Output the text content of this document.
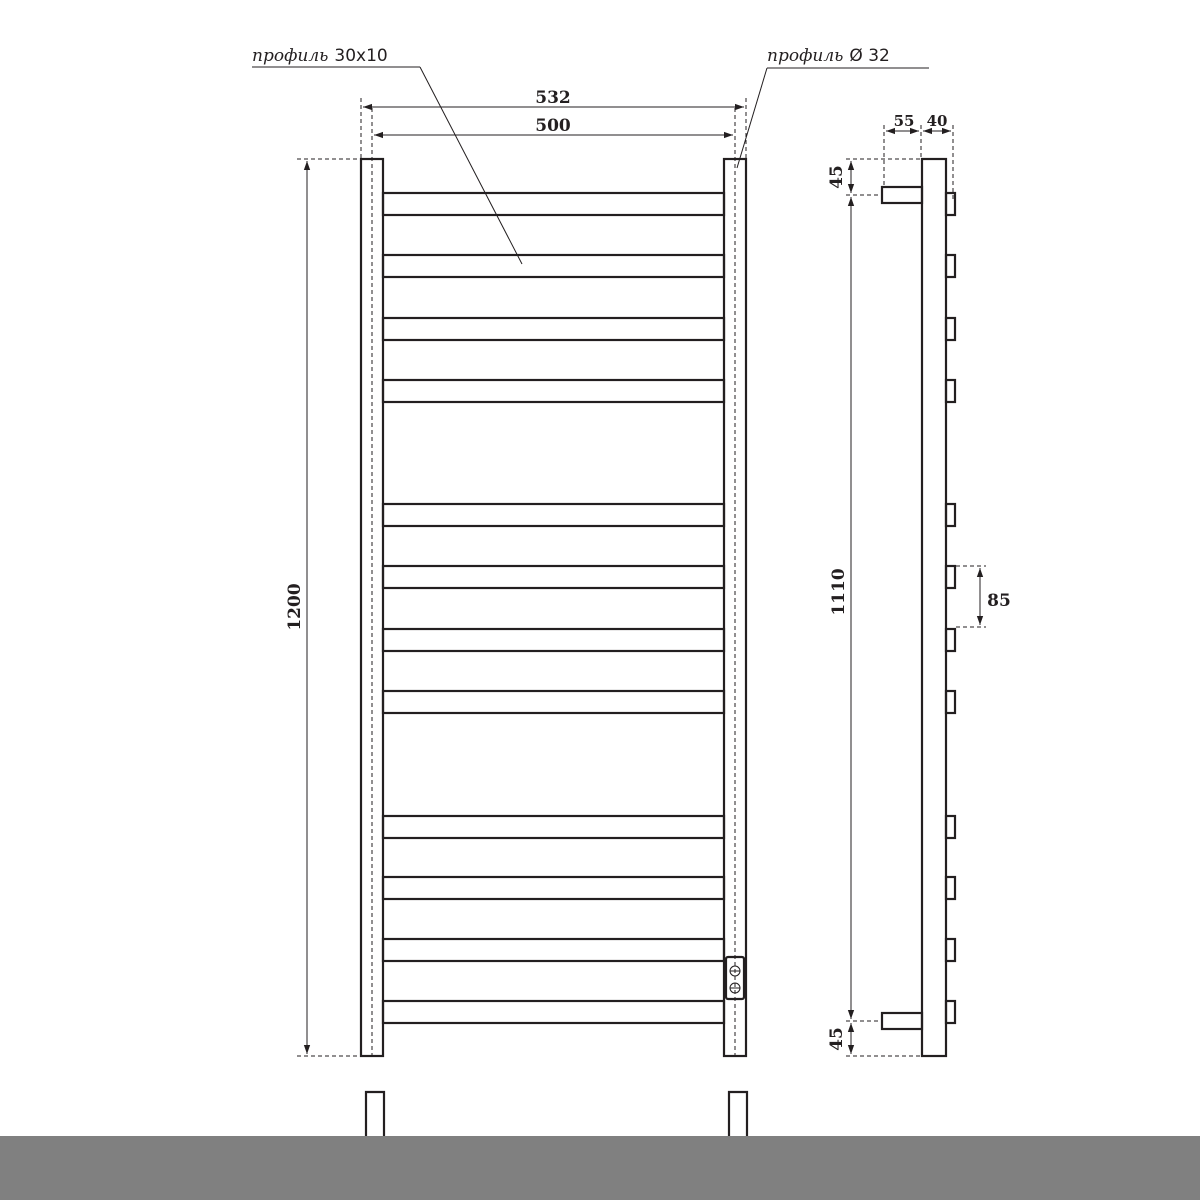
532
500
1200
профиль 30x10	профиль Ø 32
55 40
45
1110
45
85
